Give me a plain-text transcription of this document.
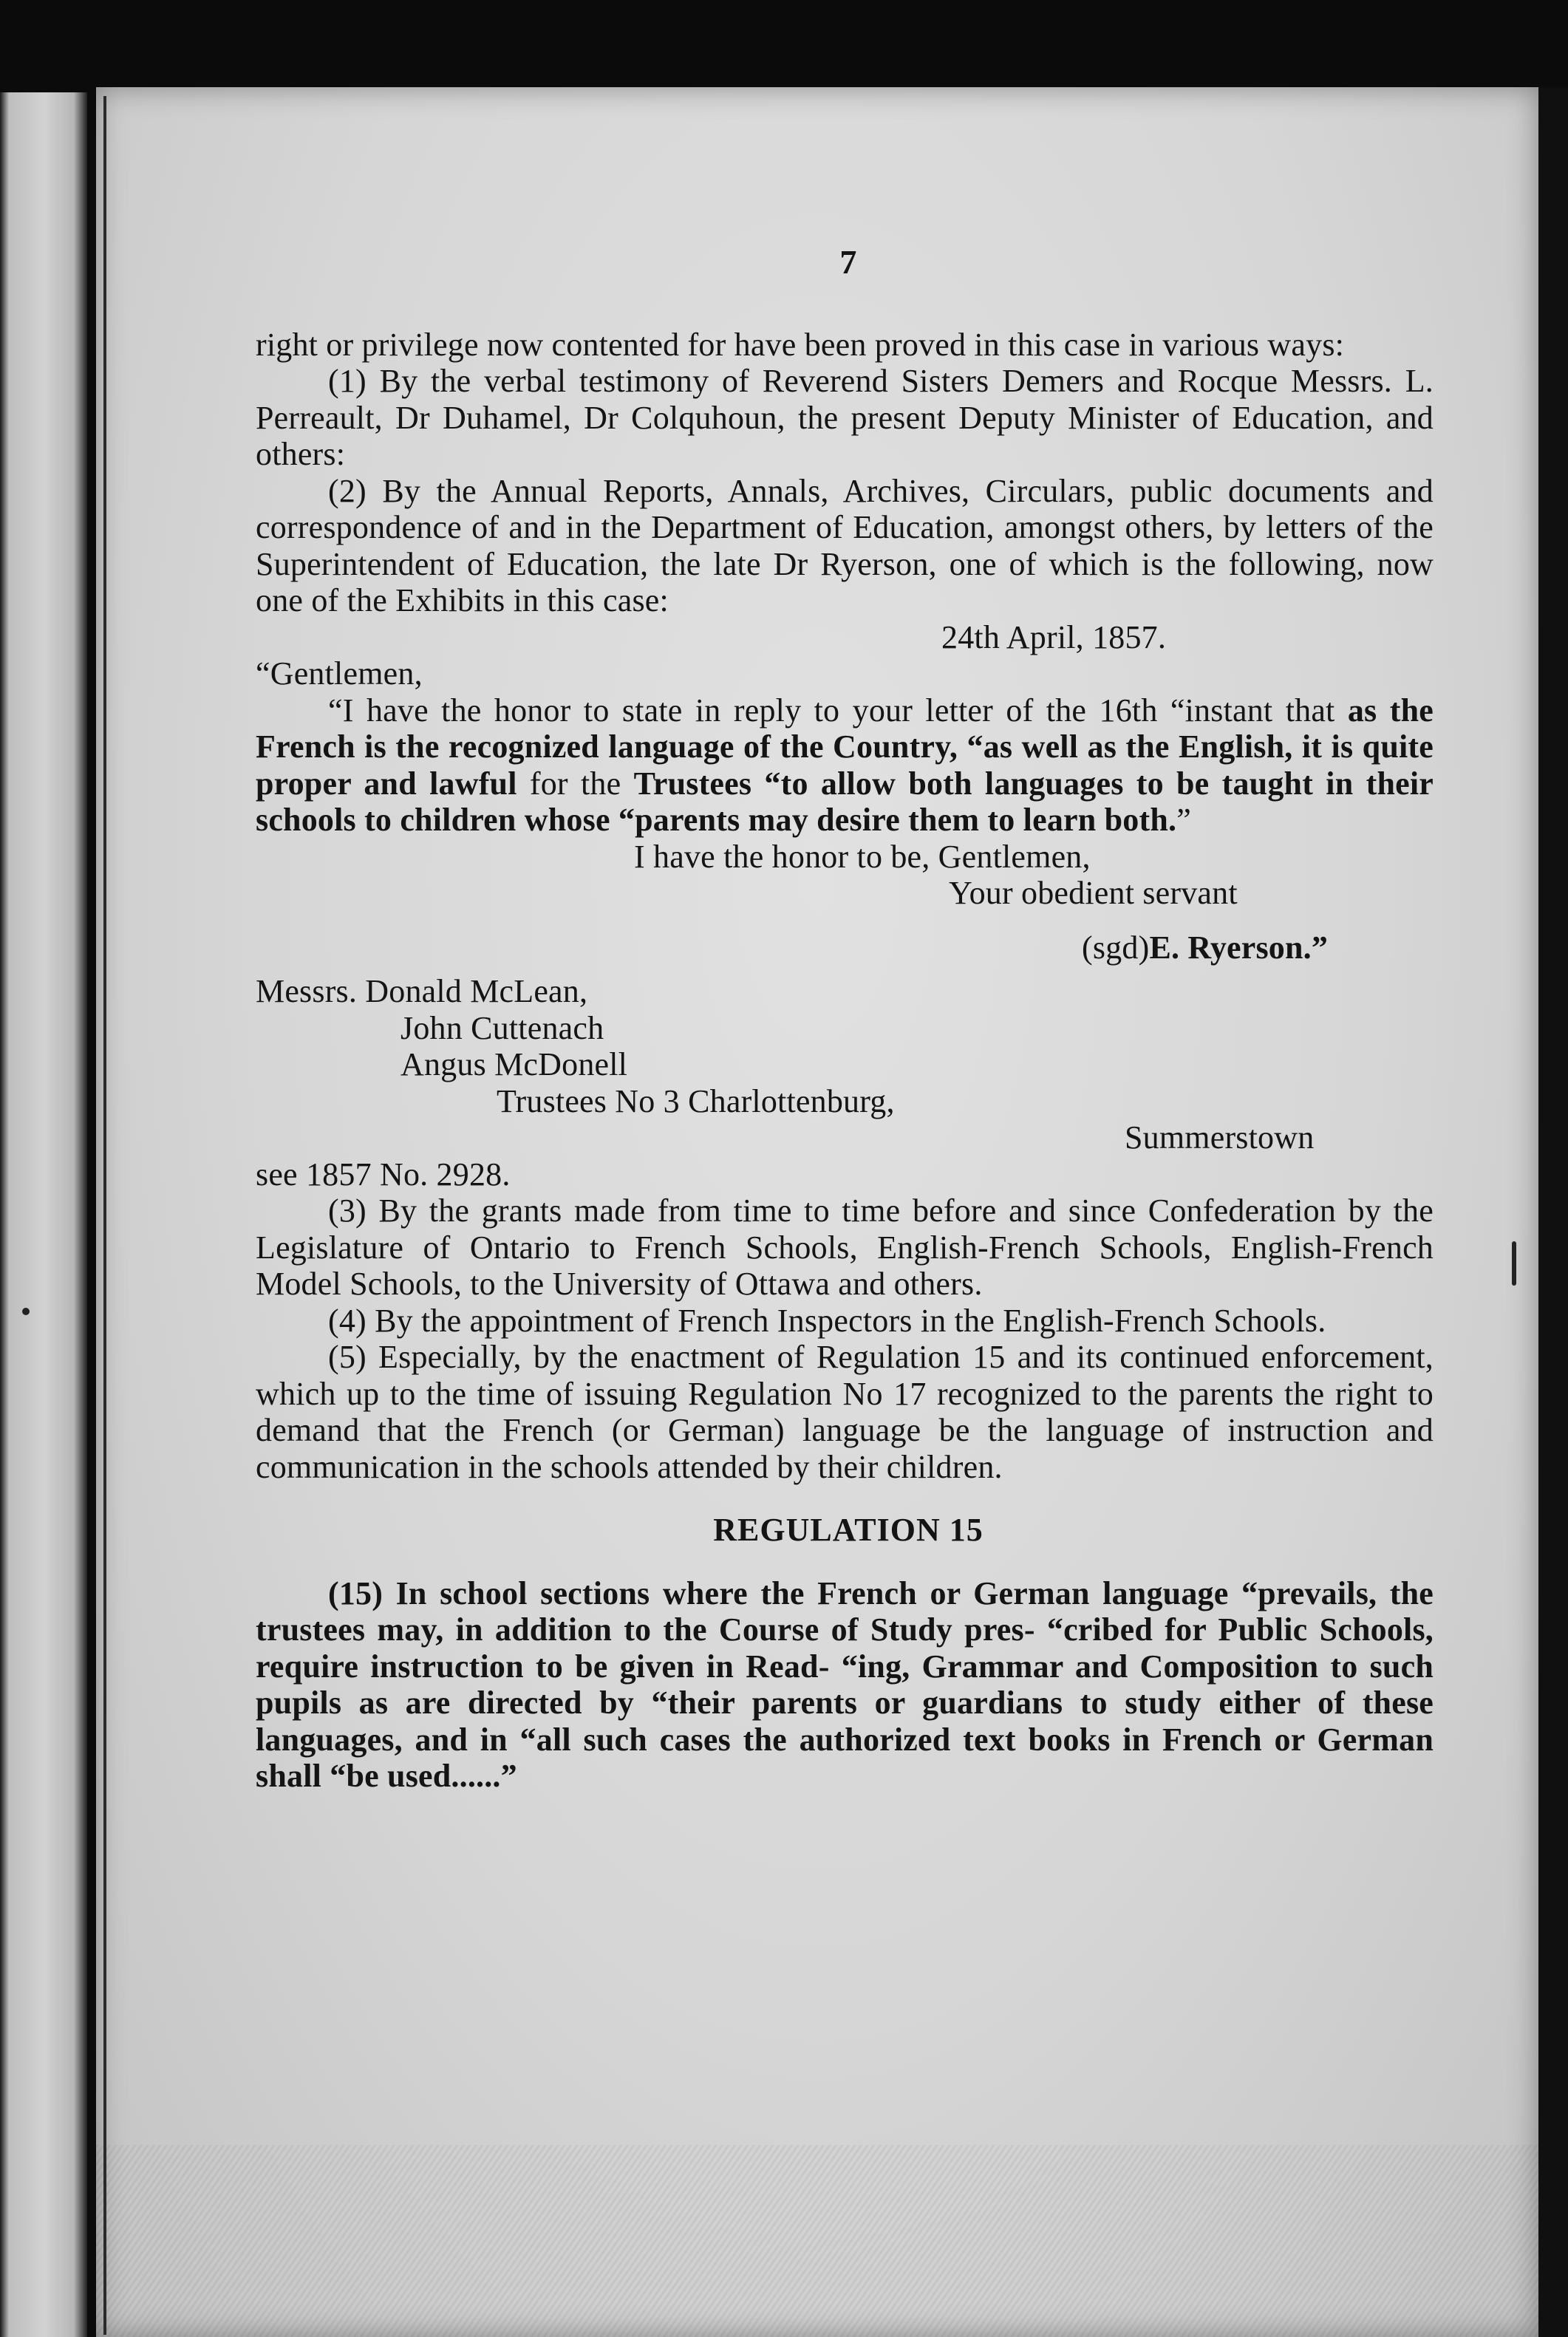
7

right or privilege now contented for have been proved in this case in various ways:

(1) By the verbal testimony of Reverend Sisters Demers and Rocque Messrs. L. Perreault, Dr Duhamel, Dr Colquhoun, the present Deputy Minister of Education, and others:

(2) By the Annual Reports, Annals, Archives, Circulars, public documents and correspondence of and in the Department of Education, amongst others, by letters of the Superintendent of Education, the late Dr Ryerson, one of which is the following, now one of the Exhibits in this case:

24th April, 1857.

“Gentlemen,

“I have the honor to state in reply to your letter of the 16th “instant that as the French is the recognized language of the Country, “as well as the English, it is quite proper and lawful for the Trustees “to allow both languages to be taught in their schools to children whose “parents may desire them to learn both.”

I have the honor to be, Gentlemen,

Your obedient servant

(sgd)E. Ryerson.”

Messrs. Donald McLean,

John Cuttenach

Angus McDonell

Trustees No 3 Charlottenburg,

Summerstown

see 1857 No. 2928.

(3) By the grants made from time to time before and since Confederation by the Legislature of Ontario to French Schools, English-French Schools, English-French Model Schools, to the University of Ottawa and others.

(4) By the appointment of French Inspectors in the English-French Schools.

(5) Especially, by the enactment of Regulation 15 and its continued enforcement, which up to the time of issuing Regulation No 17 recognized to the parents the right to demand that the French (or German) language be the language of instruction and communication in the schools attended by their children.

REGULATION 15

(15) In school sections where the French or German language “prevails, the trustees may, in addition to the Course of Study pres- “cribed for Public Schools, require instruction to be given in Read- “ing, Grammar and Composition to such pupils as are directed by “their parents or guardians to study either of these languages, and in “all such cases the authorized text books in French or German shall “be used......”
